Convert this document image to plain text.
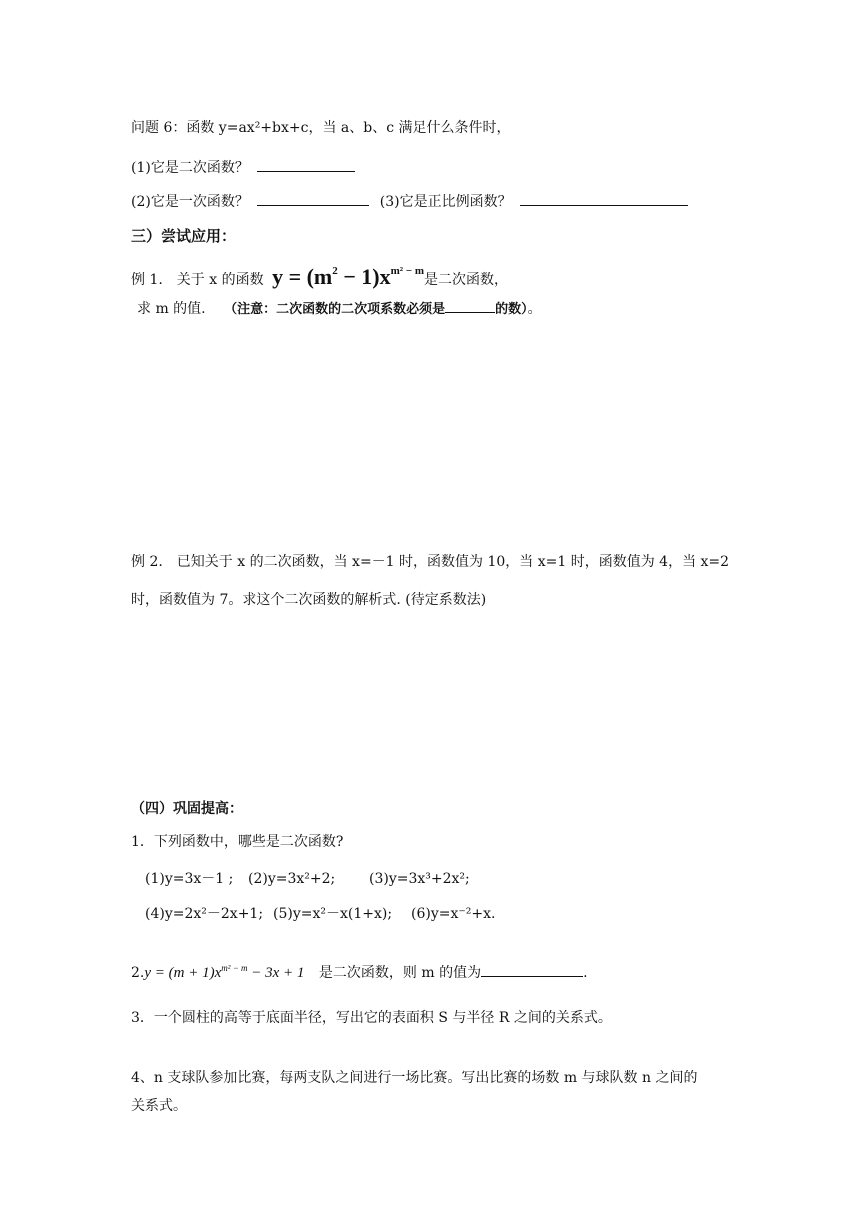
问题 6：函数 y=ax²+bx+c，当 a、b、c 满足什么条件时，
(1)它是二次函数？
(2)它是一次函数？	(3)它是正比例函数？
三）尝试应用：
例 1.　关于 x 的函数 $y = (m^2 - 1)x^{m^2 - m}$是二次函数，
求 m 的值.　 （注意：二次函数的二次项系数必须是	的数）。
例 2.　已知关于 x 的二次函数，当 x=－1 时，函数值为 10，当 x=1 时，函数值为 4，当 x=2
时，函数值为 7。求这个二次函数的解析式. (待定系数法)
（四）巩固提高：
1．下列函数中，哪些是二次函数?
(1)y=3x－1 ; (2)y=3x²+2; (3)y=3x³+2x²;
(4)y=2x²－2x+1; (5)y=x²－x(1+x); (6)y=x⁻²+x.
$2.y = (m + 1)x^{m^2 - m} - 3x + 1$ 是二次函数，则 m 的值为	.
3．一个圆柱的高等于底面半径，写出它的表面积 S 与半径 R 之间的关系式。
4、n 支球队参加比赛，每两支队之间进行一场比赛。写出比赛的场数 m 与球队数 n 之间的
关系式。
